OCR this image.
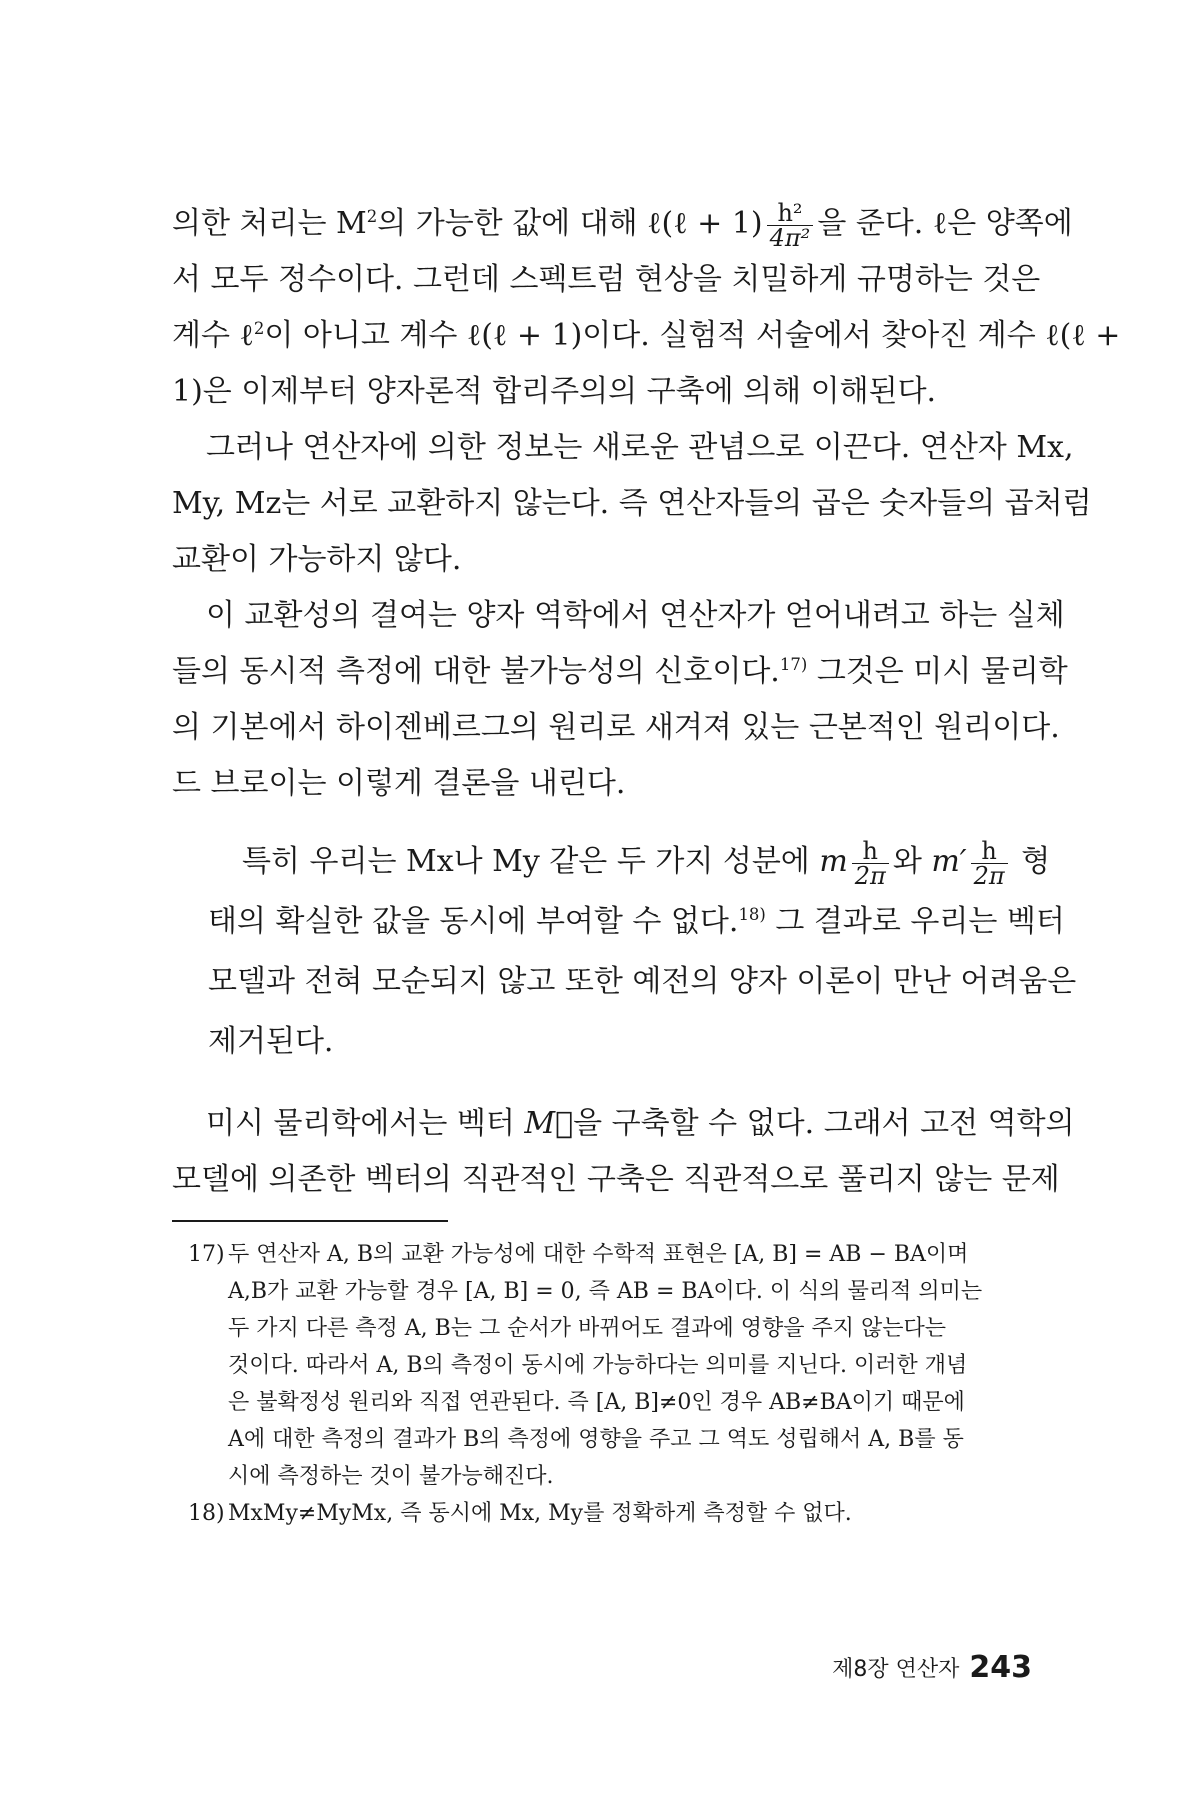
의한 처리는 $M^2$의 가능한 값에 대해 ℓ(ℓ + $1) \frac{\text{h²}}{\text{4π²}}$ 을 준다. ℓ은 양쪽에
서 모두 정수이다. 그런데 스펙트럼 현상을 치밀하게 규명하는 것은
계수 ℓ$^2$이 아니고 계수 ℓ(ℓ + 1)이다. 실험적 서술에서 찾아진 계수 ℓ(ℓ +
1)은 이제부터 양자론적 합리주의의 구축에 의해 이해된다.
그러나 연산자에 의한 정보는 새로운 관념으로 이끈다. 연산자 Mx,
My, Mz는 서로 교환하지 않는다. 즉 연산자들의 곱은 숫자들의 곱처럼
교환이 가능하지 않다.
이 교환성의 결여는 양자 역학에서 연산자가 얻어내려고 하는 실체
들의 동시적 측정에 대한 불가능성의 신호이다.$^{17)}$ 그것은 미시 물리학
의 기본에서 하이젠베르그의 원리로 새겨져 있는 근본적인 원리이다.
드 브로이는 이렇게 결론을 내린다.
특히 우리는 Mx나 My 같은 두 가지 성분에 m $\frac{h}{2\pi}$ 와 $m' \frac{h}{2\pi}$ 형
태의 확실한 값을 동시에 부여할 수 없다.$^{18)}$ 그 결과로 우리는 벡터
모델과 전혀 모순되지 않고 또한 예전의 양자 이론이 만난 어려움은
제거된다.
미시 물리학에서는 벡터 M⃗을 구축할 수 없다. 그래서 고전 역학의
모델에 의존한 벡터의 직관적인 구축은 직관적으로 풀리지 않는 문제
17) 두 연산자 A, B의 교환 가능성에 대한 수학적 표현은 [A, B] = AB − BA이며
A,B가 교환 가능할 경우 [A, B] = 0, 즉 AB = BA이다. 이 식의 물리적 의미는
두 가지 다른 측정 A, B는 그 순서가 바뀌어도 결과에 영향을 주지 않는다는
것이다. 따라서 A, B의 측정이 동시에 가능하다는 의미를 지닌다. 이러한 개념
은 불확정성 원리와 직접 연관된다. 즉 [A, B]≠0인 경우 AB≠BA이기 때문에
A에 대한 측정의 결과가 B의 측정에 영향을 주고 그 역도 성립해서 A, B를 동
시에 측정하는 것이 불가능해진다.
18) MxMy≠MyMx, 즉 동시에 Mx, My를 정확하게 측정할 수 없다.
제8장 연산자 243
